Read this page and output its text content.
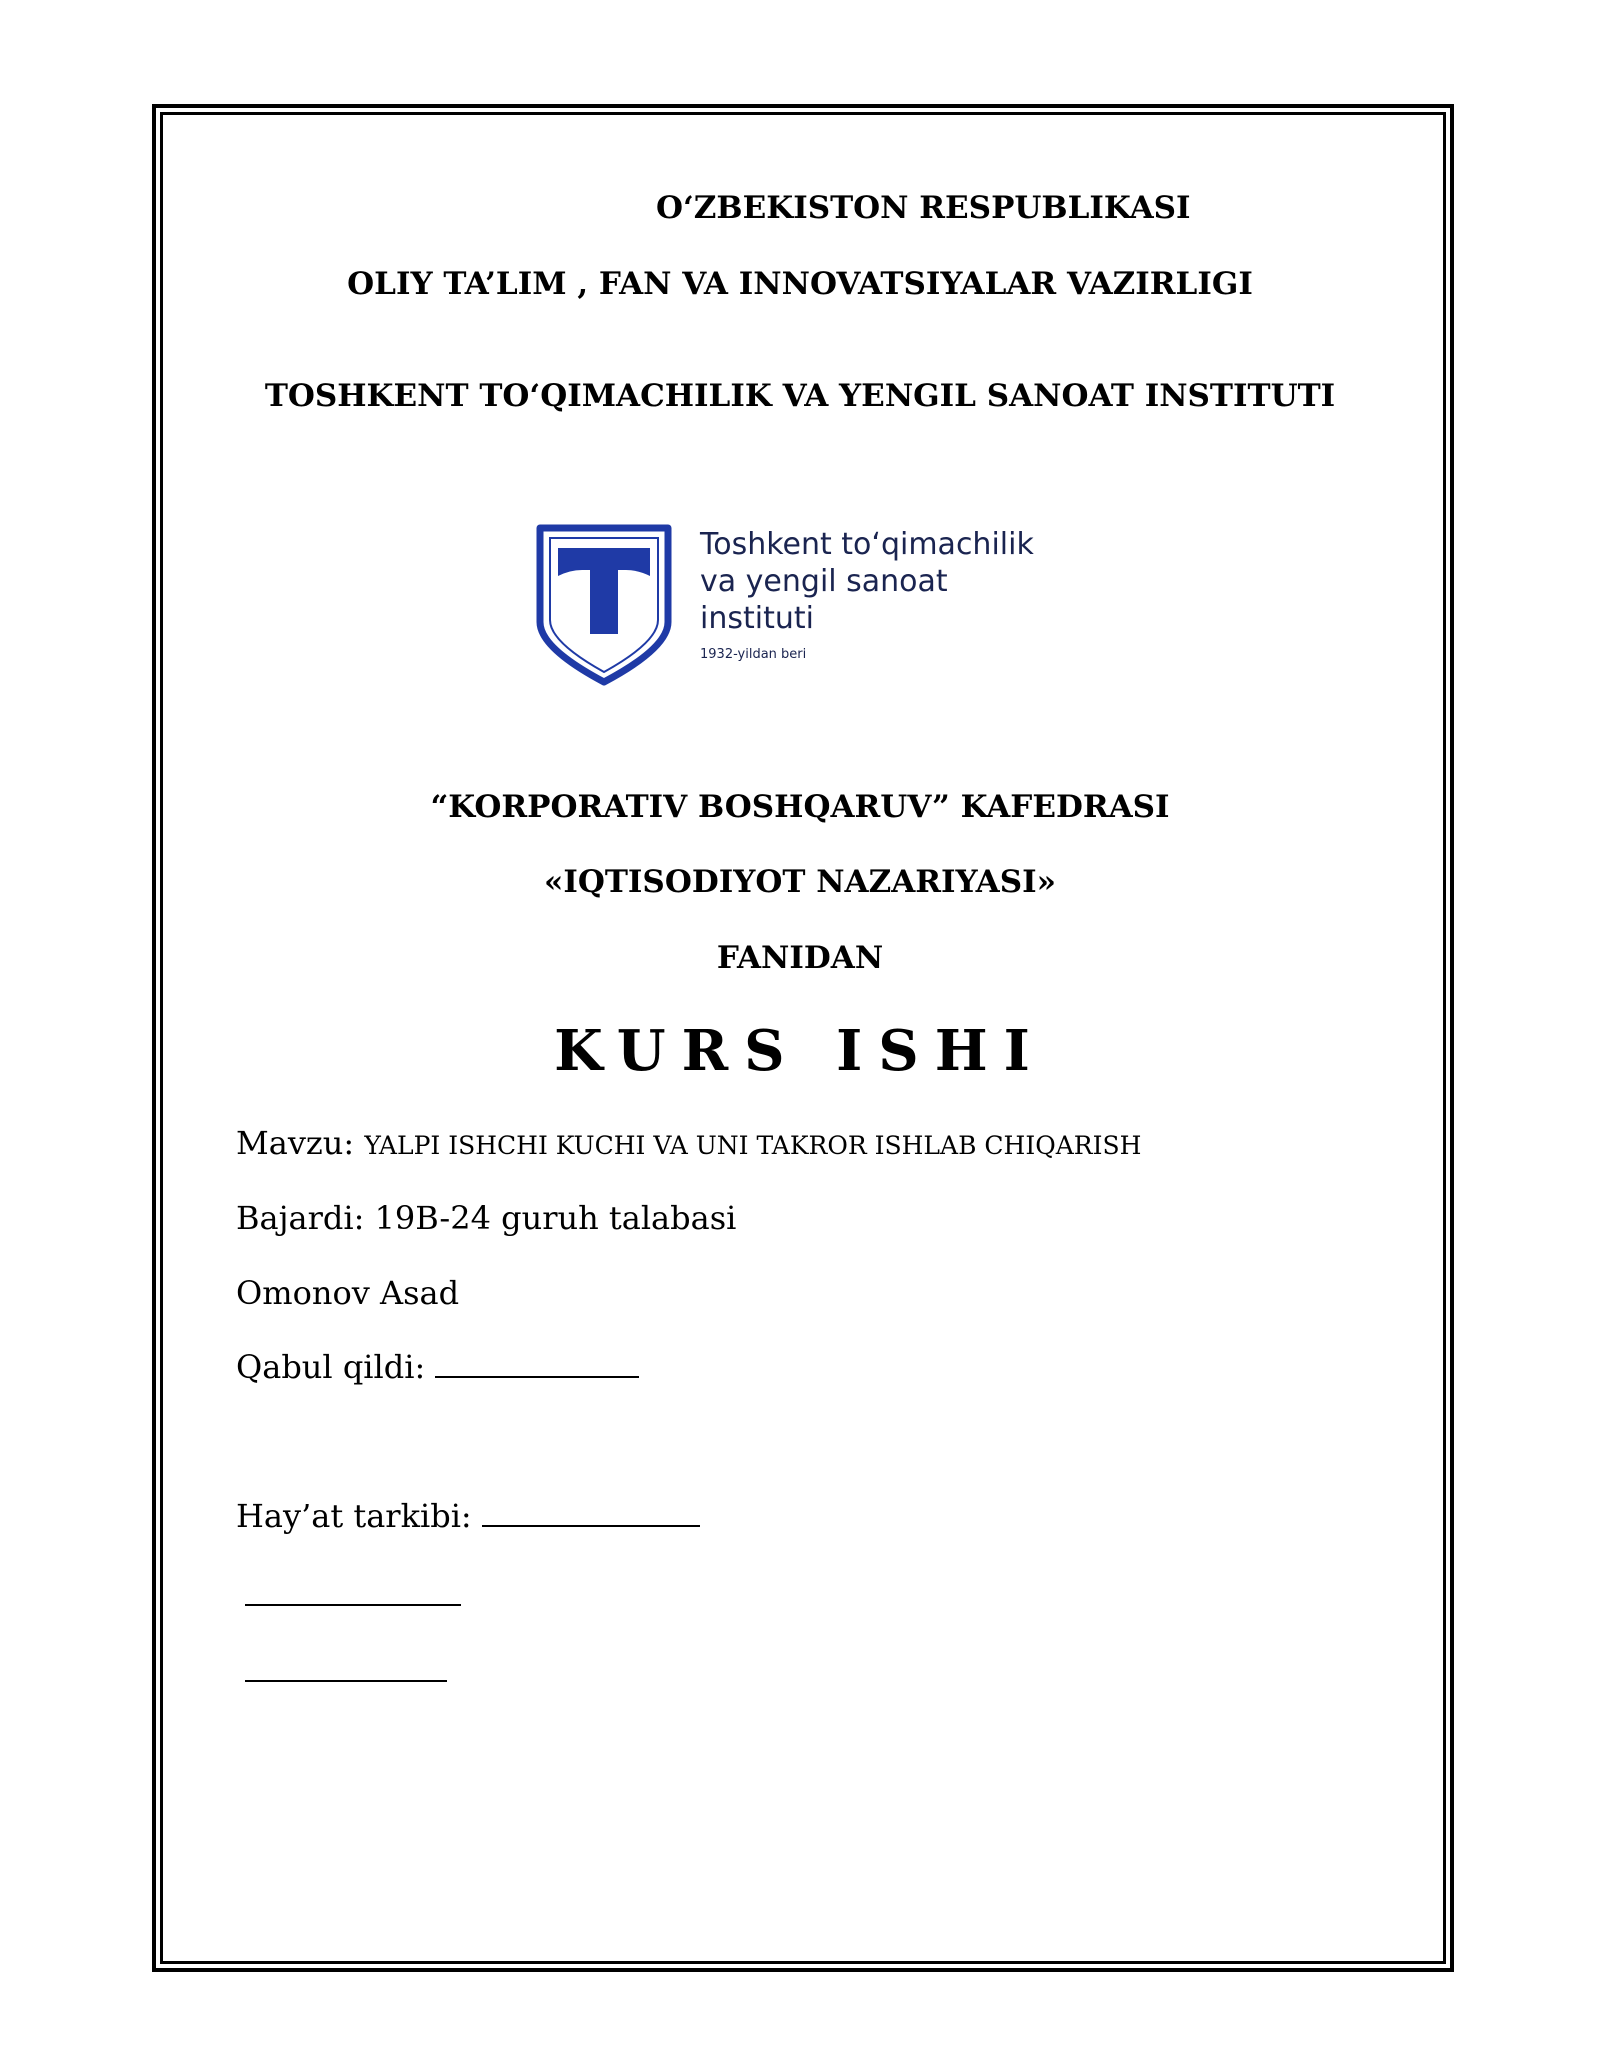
O‘ZBEKISTON RESPUBLIKASI
OLIY TA’LIM , FAN VA INNOVATSIYALAR VAZIRLIGI
TOSHKENT TO‘QIMACHILIK VA YENGIL SANOAT INSTITUTI
Toshkent to‘qimachilik
va yengil sanoat
instituti
1932-yildan beri
“KORPORATIV BOSHQARUV” KAFEDRASI
«IQTISODIYOT NAZARIYASI»
FANIDAN
KURS ISHI
Mavzu: YALPI ISHCHI KUCHI VA UNI TAKROR ISHLAB CHIQARISH
Bajardi: 19B-24 guruh talabasi
Omonov Asad
Qabul qildi:
Hay’at tarkibi:
